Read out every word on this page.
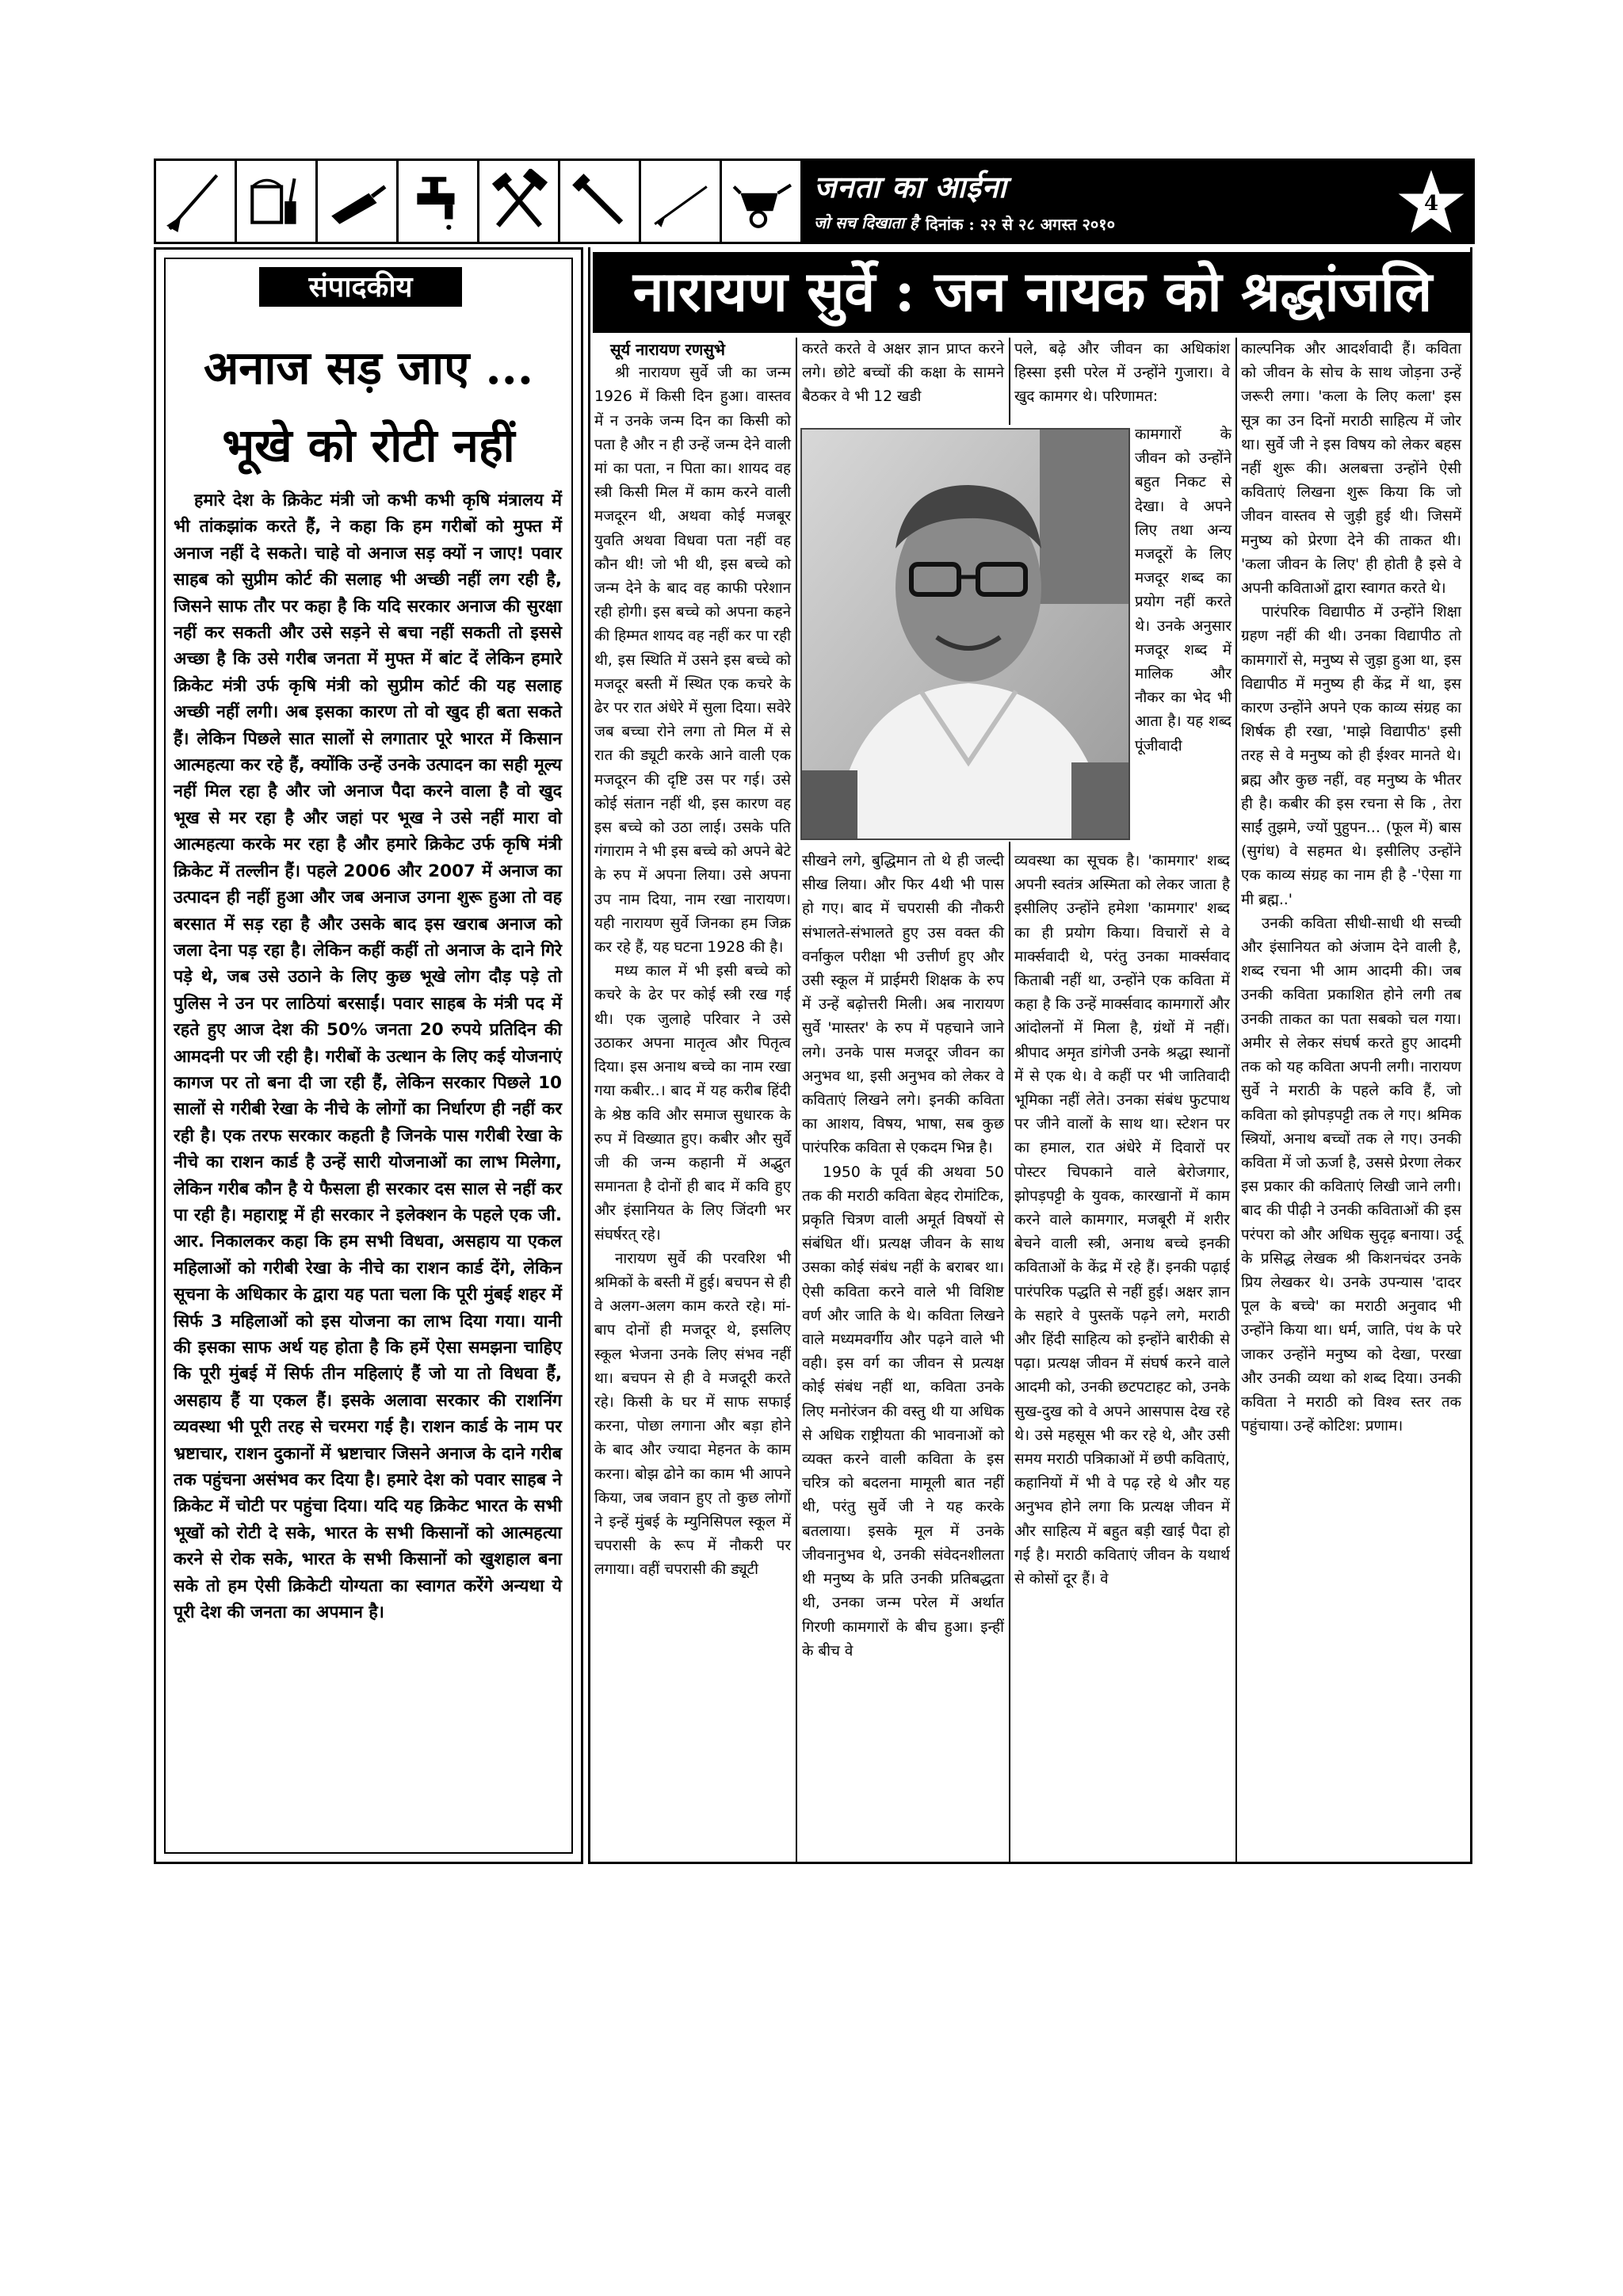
जनता का आईना
जो सच दिखाता है दिनांक : २२ से २८ अगस्त २०१०
4
संपादकीय
अनाज सड़ जाए ...
भूखे को रोटी नहीं
हमारे देश के क्रिकेट मंत्री जो कभी कभी कृषि मंत्रालय में भी तांकझांक करते हैं, ने कहा कि हम गरीबों को मुफ्त में अनाज नहीं दे सकते। चाहे वो अनाज सड़ क्यों न जाए! पवार साहब को सुप्रीम कोर्ट की सलाह भी अच्छी नहीं लग रही है, जिसने साफ तौर पर कहा है कि यदि सरकार अनाज की सुरक्षा नहीं कर सकती और उसे सड़ने से बचा नहीं सकती तो इससे अच्छा है कि उसे गरीब जनता में मुफ्त में बांट दें लेकिन हमारे क्रिकेट मंत्री उर्फ कृषि मंत्री को सुप्रीम कोर्ट की यह सलाह अच्छी नहीं लगी। अब इसका कारण तो वो खुद ही बता सकते हैं। लेकिन पिछले सात सालों से लगातार पूरे भारत में किसान आत्महत्या कर रहे हैं, क्योंकि उन्हें उनके उत्पादन का सही मूल्य नहीं मिल रहा है और जो अनाज पैदा करने वाला है वो खुद भूख से मर रहा है और जहां पर भूख ने उसे नहीं मारा वो आत्महत्या करके मर रहा है और हमारे क्रिकेट उर्फ कृषि मंत्री क्रिकेट में तल्लीन हैं। पहले 2006 और 2007 में अनाज का उत्पादन ही नहीं हुआ और जब अनाज उगना शुरू हुआ तो वह बरसात में सड़ रहा है और उसके बाद इस खराब अनाज को जला देना पड़ रहा है। लेकिन कहीं कहीं तो अनाज के दाने गिरे पड़े थे, जब उसे उठाने के लिए कुछ भूखे लोग दौड़ पड़े तो पुलिस ने उन पर लाठियां बरसाईं। पवार साहब के मंत्री पद में रहते हुए आज देश की 50% जनता 20 रुपये प्रतिदिन की आमदनी पर जी रही है। गरीबों के उत्थान के लिए कई योजनाएं कागज पर तो बना दी जा रही हैं, लेकिन सरकार पिछले 10 सालों से गरीबी रेखा के नीचे के लोगों का निर्धारण ही नहीं कर रही है। एक तरफ सरकार कहती है जिनके पास गरीबी रेखा के नीचे का राशन कार्ड है उन्हें सारी योजनाओं का लाभ मिलेगा, लेकिन गरीब कौन है ये फैसला ही सरकार दस साल से नहीं कर पा रही है। महाराष्ट्र में ही सरकार ने इलेक्शन के पहले एक जी. आर. निकालकर कहा कि हम सभी विधवा, असहाय या एकल महिलाओं को गरीबी रेखा के नीचे का राशन कार्ड देंगे, लेकिन सूचना के अधिकार के द्वारा यह पता चला कि पूरी मुंबई शहर में सिर्फ 3 महिलाओं को इस योजना का लाभ दिया गया। यानी की इसका साफ अर्थ यह होता है कि हमें ऐसा समझना चाहिए कि पूरी मुंबई में सिर्फ तीन महिलाएं हैं जो या तो विधवा हैं, असहाय हैं या एकल हैं। इसके अलावा सरकार की राशनिंग व्यवस्था भी पूरी तरह से चरमरा गई है। राशन कार्ड के नाम पर भ्रष्टाचार, राशन दुकानों में भ्रष्टाचार जिसने अनाज के दाने गरीब तक पहुंचना असंभव कर दिया है। हमारे देश को पवार साहब ने क्रिकेट में चोटी पर पहुंचा दिया। यदि यह क्रिकेट भारत के सभी भूखों को रोटी दे सके, भारत के सभी किसानों को आत्महत्या करने से रोक सके, भारत के सभी किसानों को खुशहाल बना सके तो हम ऐसी क्रिकेटी योग्यता का स्वागत करेंगे अन्यथा ये पूरी देश की जनता का अपमान है।
नारायण सुर्वे : जन नायक को श्रद्धांजलि

सूर्य नारायण रणसुभे

श्री नारायण सुर्वे जी का जन्म 1926 में किसी दिन हुआ। वास्तव में न उनके जन्म दिन का किसी को पता है और न ही उन्हें जन्म देने वाली मां का पता, न पिता का। शायद वह स्त्री किसी मिल में काम करने वाली मजदूरन थी, अथवा कोई मजबूर युवति अथवा विधवा पता नहीं वह कौन थी! जो भी थी, इस बच्चे को जन्म देने के बाद वह काफी परेशान रही होगी। इस बच्चे को अपना कहने की हिम्मत शायद वह नहीं कर पा रही थी, इस स्थिति में उसने इस बच्चे को मजदूर बस्ती में स्थित एक कचरे के ढेर पर रात अंधेरे में सुला दिया। सवेरे जब बच्चा रोने लगा तो मिल में से रात की ड्यूटी करके आने वाली एक मजदूरन की दृष्टि उस पर गई। उसे कोई संतान नहीं थी, इस कारण वह इस बच्चे को उठा लाई। उसके पति गंगाराम ने भी इस बच्चे को अपने बेटे के रुप में अपना लिया। उसे अपना उप नाम दिया, नाम रखा नारायण। यही नारायण सुर्वे जिनका हम जिक्र कर रहे हैं, यह घटना 1928 की है।

मध्य काल में भी इसी बच्चे को कचरे के ढेर पर कोई स्त्री रख गई थी। एक जुलाहे परिवार ने उसे उठाकर अपना मातृत्व और पितृत्व दिया। इस अनाथ बच्चे का नाम रखा गया कबीर..। बाद में यह करीब हिंदी के श्रेष्ठ कवि और समाज सुधारक के रुप में विख्यात हुए। कबीर और सुर्वे जी की जन्म कहानी में अद्भुत समानता है दोनों ही बाद में कवि हुए और इंसानियत के लिए जिंदगी भर संघर्षरत् रहे।

नारायण सुर्वे की परवरिश भी श्रमिकों के बस्ती में हुई। बचपन से ही वे अलग-अलग काम करते रहे। मां-बाप दोनों ही मजदूर थे, इसलिए स्कूल भेजना उनके लिए संभव नहीं था। बचपन से ही वे मजदूरी करते रहे। किसी के घर में साफ सफाई करना, पोछा लगाना और बड़ा होने के बाद और ज्यादा मेहनत के काम करना। बोझ ढोने का काम भी आपने किया, जब जवान हुए तो कुछ लोगों ने इन्हें मुंबई के म्युनिसिपल स्कूल में चपरासी के रूप में नौकरी पर लगाया। वहीं चपरासी की ड्यूटी

करते करते वे अक्षर ज्ञान प्राप्त करने लगे। छोटे बच्चों की कक्षा के सामने बैठकर वे भी 12 खडी

सीखने लगे, बुद्धिमान तो थे ही जल्दी सीख लिया। और फिर 4थी भी पास हो गए। बाद में चपरासी की नौकरी संभालते-संभालते हुए उस वक्त की वर्नाकुल परीक्षा भी उत्तीर्ण हुए और उसी स्कूल में प्राईमरी शिक्षक के रुप में उन्हें बढ़ोत्तरी मिली। अब नारायण सुर्वे 'मास्तर' के रुप में पहचाने जाने लगे। उनके पास मजदूर जीवन का अनुभव था, इसी अनुभव को लेकर वे कविताएं लिखने लगे। इनकी कविता का आशय, विषय, भाषा, सब कुछ पारंपरिक कविता से एकदम भिन्न है।

1950 के पूर्व की अथवा 50 तक की मराठी कविता बेहद रोमांटिक, प्रकृति चित्रण वाली अमूर्त विषयों से संबंधित थीं। प्रत्यक्ष जीवन के साथ उसका कोई संबंध नहीं के बराबर था। ऐसी कविता करने वाले भी विशिष्ट वर्ण और जाति के थे। कविता लिखने वाले मध्यमवर्गीय और पढ़ने वाले भी वही। इस वर्ग का जीवन से प्रत्यक्ष कोई संबंध नहीं था, कविता उनके लिए मनोरंजन की वस्तु थी या अधिक से अधिक राष्ट्रीयता की भावनाओं को व्यक्त करने वाली कविता के इस चरित्र को बदलना मामूली बात नहीं थी, परंतु सुर्वे जी ने यह करके बतलाया। इसके मूल में उनके जीवनानुभव थे, उनकी संवेदनशीलता थी मनुष्य के प्रति उनकी प्रतिबद्धता थी, उनका जन्म परेल में अर्थात गिरणी कामगारों के बीच हुआ। इन्हीं के बीच वे

पले, बढ़े और जीवन का अधिकांश हिस्सा इसी परेल में उन्होंने गुजारा। वे खुद कामगर थे। परिणामत:

कामगारों के जीवन को उन्होंने बहुत निकट से देखा। वे अपने लिए तथा अन्य मजदूरों के लिए मजदूर शब्द का प्रयोग नहीं करते थे। उनके अनुसार मजदूर शब्द में मालिक और नौकर का भेद भी आता है। यह शब्द पूंजीवादी

व्यवस्था का सूचक है। 'कामगार' शब्द अपनी स्वतंत्र अस्मिता को लेकर जाता है इसीलिए उन्होंने हमेशा 'कामगार' शब्द का ही प्रयोग किया। विचारों से वे मार्क्सवादी थे, परंतु उनका मार्क्सवाद किताबी नहीं था, उन्होंने एक कविता में कहा है कि उन्हें मार्क्सवाद कामगारों और आंदोलनों में मिला है, ग्रंथों में नहीं। श्रीपाद अमृत डांगेजी उनके श्रद्धा स्थानों में से एक थे। वे कहीं पर भी जातिवादी भूमिका नहीं लेते। उनका संबंध फुटपाथ पर जीने वालों के साथ था। स्टेशन पर का हमाल, रात अंधेरे में दिवारों पर पोस्टर चिपकाने वाले बेरोजगार, झोपड़पट्टी के युवक, कारखानों में काम करने वाले कामगार, मजबूरी में शरीर बेचने वाली स्त्री, अनाथ बच्चे इनकी कविताओं के केंद्र में रहे हैं। इनकी पढ़ाई पारंपरिक पद्धति से नहीं हुई। अक्षर ज्ञान के सहारे वे पुस्तकें पढ़ने लगे, मराठी और हिंदी साहित्य को इन्होंने बारीकी से पढ़ा। प्रत्यक्ष जीवन में संघर्ष करने वाले आदमी को, उनकी छटपटाहट को, उनके सुख-दुख को वे अपने आसपास देख रहे थे। उसे महसूस भी कर रहे थे, और उसी समय मराठी पत्रिकाओं में छपी कविताएं, कहानियों में भी वे पढ़ रहे थे और यह अनुभव होने लगा कि प्रत्यक्ष जीवन में और साहित्य में बहुत बड़ी खाई पैदा हो गई है। मराठी कविताएं जीवन के यथार्थ से कोसों दूर हैं। वे

काल्पनिक और आदर्शवादी हैं। कविता को जीवन के सोच के साथ जोड़ना उन्हें जरूरी लगा। 'कला के लिए कला' इस सूत्र का उन दिनों मराठी साहित्य में जोर था। सुर्वे जी ने इस विषय को लेकर बहस नहीं शुरू की। अलबत्ता उन्होंने ऐसी कविताएं लिखना शुरू किया कि जो जीवन वास्तव से जुड़ी हुई थी। जिसमें मनुष्य को प्रेरणा देने की ताकत थी। 'कला जीवन के लिए' ही होती है इसे वे अपनी कविताओं द्वारा स्वागत करते थे।

पारंपरिक विद्यापीठ में उन्होंने शिक्षा ग्रहण नहीं की थी। उनका विद्यापीठ तो कामगारों से, मनुष्य से जुड़ा हुआ था, इस विद्यापीठ में मनुष्य ही केंद्र में था, इस कारण उन्होंने अपने एक काव्य संग्रह का शिर्षक ही रखा, 'माझे विद्यापीठ' इसी तरह से वे मनुष्य को ही ईश्वर मानते थे। ब्रह्म और कुछ नहीं, वह मनुष्य के भीतर ही है। कबीर की इस रचना से कि , तेरा साईं तुझमे, ज्यों पुहुपन... (फूल में) बास (सुगंध) वे सहमत थे। इसीलिए उन्होंने एक काव्य संग्रह का नाम ही है -'ऐसा गा मी ब्रह्म..'

उनकी कविता सीधी-साधी थी सच्ची और इंसानियत को अंजाम देने वाली है, शब्द रचना भी आम आदमी की। जब उनकी कविता प्रकाशित होने लगी तब उनकी ताकत का पता सबको चल गया। अमीर से लेकर संघर्ष करते हुए आदमी तक को यह कविता अपनी लगी। नारायण सुर्वे ने मराठी के पहले कवि हैं, जो कविता को झोपड़पट्टी तक ले गए। श्रमिक स्त्रियों, अनाथ बच्चों तक ले गए। उनकी कविता में जो ऊर्जा है, उससे प्रेरणा लेकर इस प्रकार की कविताएं लिखी जाने लगी। बाद की पीढ़ी ने उनकी कविताओं की इस परंपरा को और अधिक सुदृढ़ बनाया। उर्दू के प्रसिद्ध लेखक श्री किशनचंदर उनके प्रिय लेखकर थे। उनके उपन्यास 'दादर पूल के बच्चे' का मराठी अनुवाद भी उन्होंने किया था। धर्म, जाति, पंथ के परे जाकर उन्होंने मनुष्य को देखा, परखा और उनकी व्यथा को शब्द दिया। उनकी कविता ने मराठी को विश्व स्तर तक पहुंचाया। उन्हें कोटिश: प्रणाम।
